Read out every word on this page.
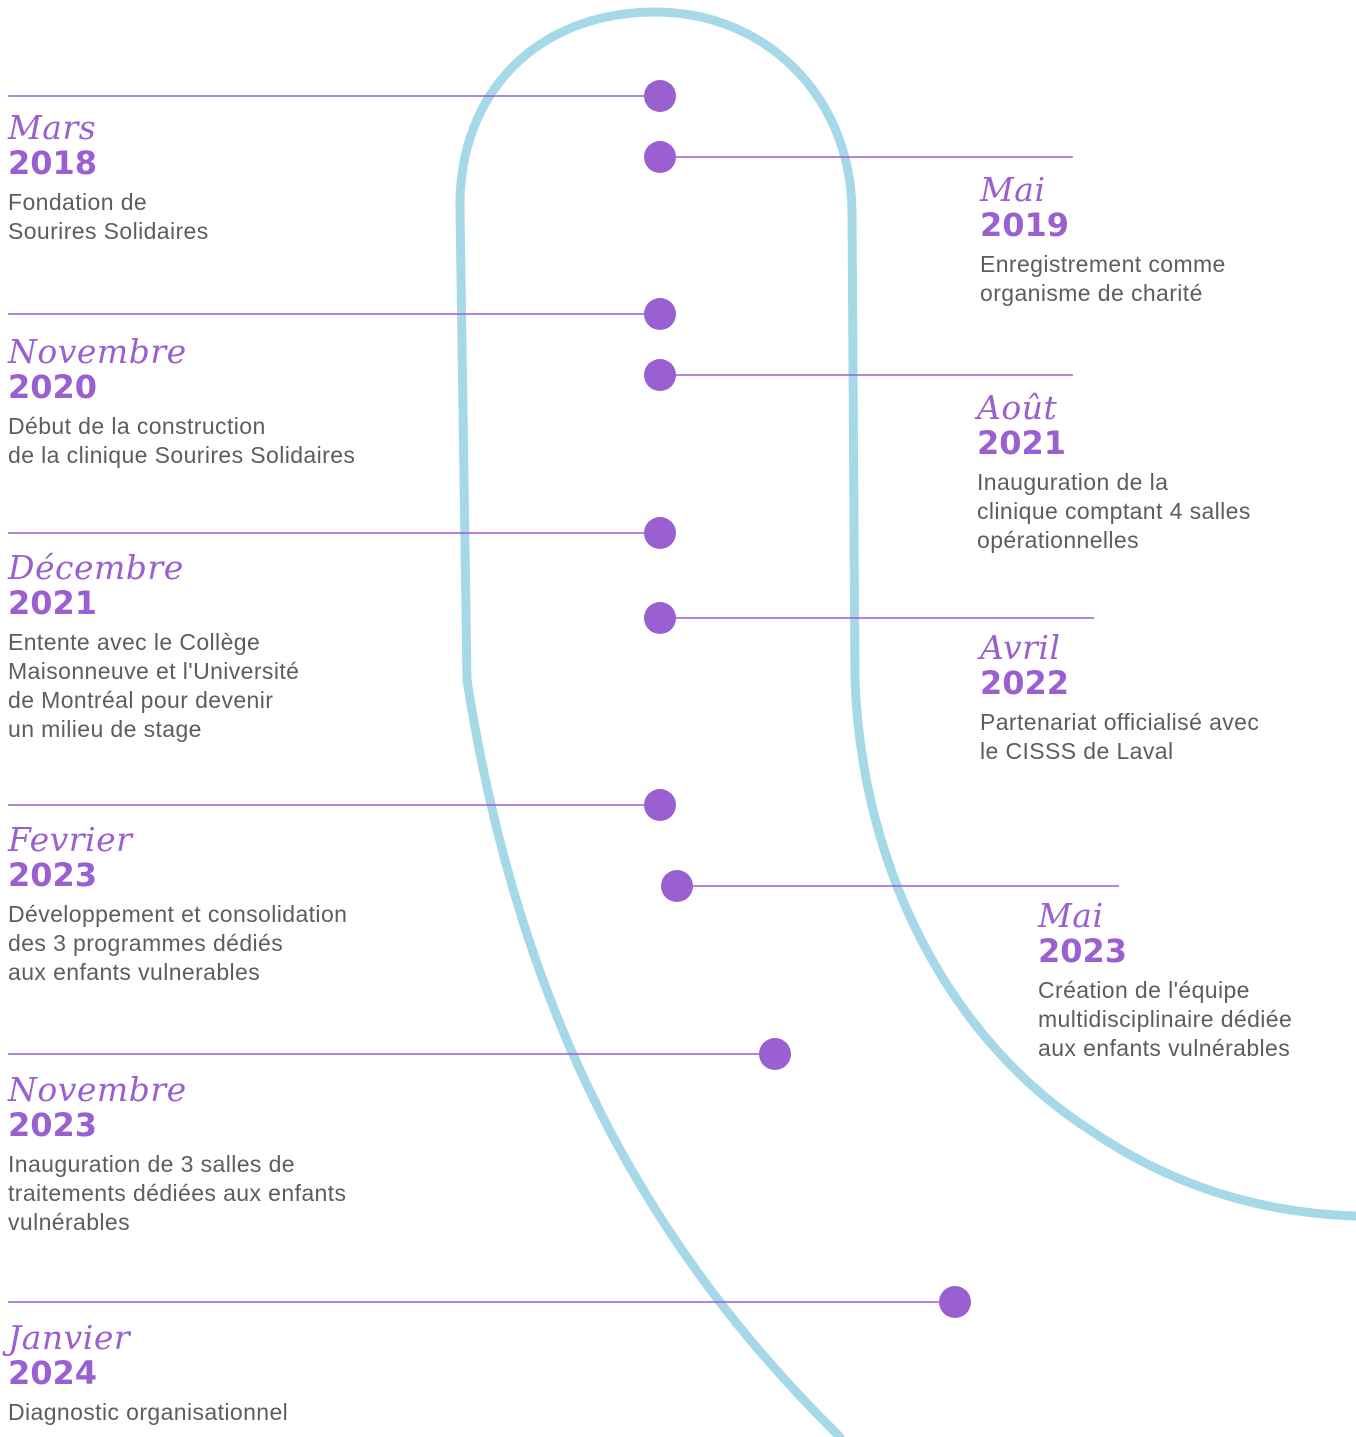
Mars
2018
Fondation de
Sourires Solidaires
Mai
2019
Enregistrement comme
organisme de charité
Novembre
2020
Début de la construction
de la clinique Sourires Solidaires
Août
2021
Inauguration de la
clinique comptant 4 salles
opérationnelles
Décembre
2021
Entente avec le Collège
Maisonneuve et l'Université
de Montréal pour devenir
un milieu de stage
Avril
2022
Partenariat officialisé avec
le CISSS de Laval
Fevrier
2023
Développement et consolidation
des 3 programmes dédiés
aux enfants vulnerables
Mai
2023
Création de l'équipe
multidisciplinaire dédiée
aux enfants vulnérables
Novembre
2023
Inauguration de 3 salles de
traitements dédiées aux enfants
vulnérables
Janvier
2024
Diagnostic organisationnel
